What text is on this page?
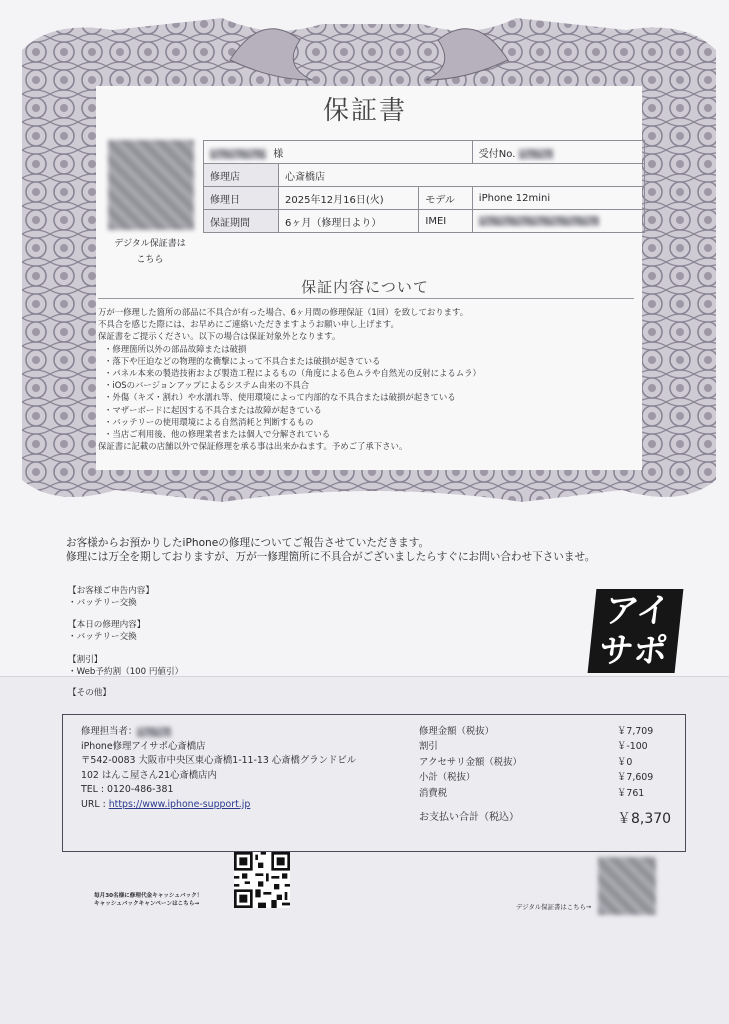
保証書
デジタル保証書は
こちら
様			受付No.
修理店	心斎橋店		
修理日	2025年12月16日(火)	モデル	iPhone 12mini
保証期間	6ヶ月（修理日より）	IMEI	
保証内容について
万が一修理した箇所の部品に不具合が有った場合、6ヶ月間の修理保証（1回）を致しております。
不具合を感じた際には、お早めにご連絡いただきますようお願い申し上げます。
保証書をご提示ください。以下の場合は保証対象外となります。
・修理箇所以外の部品故障または破損
・落下や圧迫などの物理的な衝撃によって不具合または破損が起きている
・パネル本来の製造技術および製造工程によるもの（角度による色ムラや自然光の反射によるムラ）
・iOSのバージョンアップによるシステム由来の不具合
・外傷（キズ・割れ）や水濡れ等、使用環境によって内部的な不具合または破損が起きている
・マザーボードに起因する不具合または故障が起きている
・バッテリーの使用環境による自然消耗と判断するもの
・当店ご利用後、他の修理業者または個人で分解されている
保証書に記載の店舗以外で保証修理を承る事は出来かねます。予めご了承下さい。
お客様からお預かりしたiPhoneの修理についてご報告させていただきます。
修理には万全を期しておりますが、万が一修理箇所に不具合がございましたらすぐにお問い合わせ下さいませ。
【お客様ご申告内容】
・バッテリー交換
【本日の修理内容】
・バッテリー交換
【割引】
・Web予約割（100 円値引）
【その他】
アイ
サポ
修理担当者：
iPhone修理アイサポ心斎橋店
〒542-0083 大阪市中央区東心斎橋1-11-13 心斎橋グランドビル
102 はんこ屋さん21心斎橋店内
TEL : 0120-486-381
URL : https://www.iphone-support.jp
修理金額（税抜）	￥7,709
割引	￥-100
アクセサリ金額（税抜）	￥0
小計（税抜）	￥7,609
消費税	￥761
お支払い合計（税込）	￥8,370
毎月30名様に修理代金キャッシュバック！
キャッシュバックキャンペーンはこちら→	デジタル保証書はこちら→
